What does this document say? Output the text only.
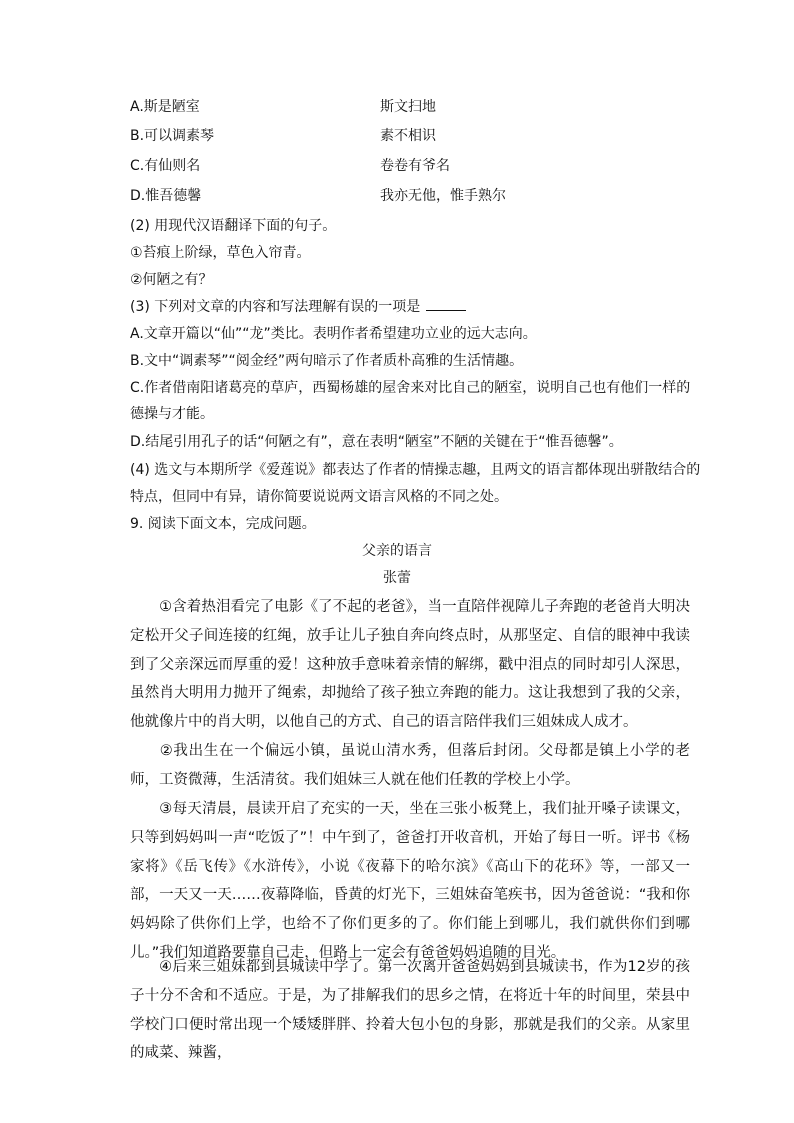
A.斯是陋室	斯文扫地
B.可以调素琴	素不相识
C.有仙则名	卷卷有爷名
D.惟吾德馨	我亦无他，惟手熟尔
(2) 用现代汉语翻译下面的句子。
①苔痕上阶绿，草色入帘青。
②何陋之有？
(3) 下列对文章的内容和写法理解有误的一项是
A.文章开篇以“仙”“龙”类比。表明作者希望建功立业的远大志向。
B.文中“调素琴”“阅金经”两句暗示了作者质朴高雅的生活情趣。
C.作者借南阳诸葛亮的草庐，西蜀杨雄的屋舍来对比自己的陋室，说明自己也有他们一样的
德操与才能。
D.结尾引用孔子的话“何陋之有”，意在表明“陋室”不陋的关键在于“惟吾德馨”。
(4) 选文与本期所学《爱莲说》都表达了作者的情操志趣，且两文的语言都体现出骈散结合的
特点，但同中有异，请你简要说说两文语言风格的不同之处。
9. 阅读下面文本，完成问题。
父亲的语言
张蕾
①含着热泪看完了电影《了不起的老爸》，当一直陪伴视障儿子奔跑的老爸肖大明决定松开父子间连接的红绳，放手让儿子独自奔向终点时，从那坚定、自信的眼神中我读到了父亲深远而厚重的爱！这种放手意味着亲情的解绑，戳中泪点的同时却引人深思，虽然肖大明用力抛开了绳索，却抛给了孩子独立奔跑的能力。这让我想到了我的父亲，他就像片中的肖大明，以他自己的方式、自己的语言陪伴我们三姐妹成人成才。
②我出生在一个偏远小镇，虽说山清水秀，但落后封闭。父母都是镇上小学的老师，工资微薄，生活清贫。我们姐妹三人就在他们任教的学校上小学。
③每天清晨，晨读开启了充实的一天，坐在三张小板凳上，我们扯开嗓子读课文，只等到妈妈叫一声“吃饭了”！中午到了，爸爸打开收音机，开始了每日一听。评书《杨家将》《岳飞传》《水浒传》，小说《夜幕下的哈尔滨》《高山下的花环》等，一部又一部，一天又一天……夜幕降临，昏黄的灯光下，三姐妹奋笔疾书，因为爸爸说：“我和你妈妈除了供你们上学，也给不了你们更多的了。你们能上到哪儿，我们就供你们到哪儿。”我们知道路要靠自己走，但路上一定会有爸爸妈妈追随的目光。
④后来三姐妹都到县城读中学了。第一次离开爸爸妈妈到县城读书，作为12岁的孩子十分不舍和不适应。于是，为了排解我们的思乡之情，在将近十年的时间里，荣县中学校门口便时常出现一个矮矮胖胖、拎着大包小包的身影，那就是我们的父亲。从家里的咸菜、辣酱，
